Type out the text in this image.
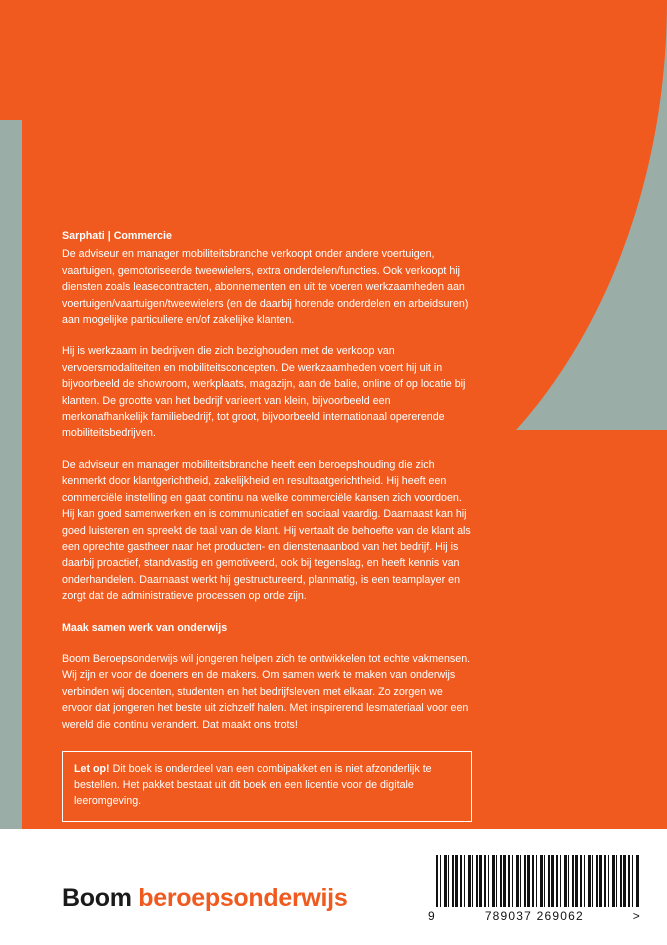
Sarphati | Commercie

De adviseur en manager mobiliteitsbranche verkoopt onder andere voertuigen, vaartuigen, gemotoriseerde tweewielers, extra onderdelen/functies. Ook verkoopt hij diensten zoals leasecontracten, abonnementen en uit te voeren werkzaamheden aan voertuigen/vaartuigen/tweewielers (en de daarbij horende onderdelen en arbeidsuren) aan mogelijke particuliere en/of zakelijke klanten.

Hij is werkzaam in bedrijven die zich bezighouden met de verkoop van vervoersmodaliteiten en mobiliteitsconcepten. De werkzaamheden voert hij uit in bijvoorbeeld de showroom, werkplaats, magazijn, aan de balie, online of op locatie bij klanten. De grootte van het bedrijf varieert van klein, bijvoorbeeld een merkonafhankelijk familiebedrijf, tot groot, bijvoorbeeld internationaal opererende mobiliteitsbedrijven.

De adviseur en manager mobiliteitsbranche heeft een beroepshouding die zich kenmerkt door klantgerichtheid, zakelijkheid en resultaatgerichtheid. Hij heeft een commerciële instelling en gaat continu na welke commerciële kansen zich voordoen. Hij kan goed samenwerken en is communicatief en sociaal vaardig. Daarnaast kan hij goed luisteren en spreekt de taal van de klant. Hij vertaalt de behoefte van de klant als een oprechte gastheer naar het producten- en dienstenaanbod van het bedrijf. Hij is daarbij proactief, standvastig en gemotiveerd, ook bij tegenslag, en heeft kennis van onderhandelen. Daarnaast werkt hij gestructureerd, planmatig, is een teamplayer en zorgt dat de administratieve processen op orde zijn.

Maak samen werk van onderwijs

Boom Beroepsonderwijs wil jongeren helpen zich te ontwikkelen tot echte vakmensen. Wij zijn er voor de doeners en de makers. Om samen werk te maken van onderwijs verbinden wij docenten, studenten en het bedrijfsleven met elkaar. Zo zorgen we ervoor dat jongeren het beste uit zichzelf halen. Met inspirerend lesmateriaal voor een wereld die continu verandert. Dat maakt ons trots!

Let op! Dit boek is onderdeel van een combipakket en is niet afzonderlijk te bestellen. Het pakket bestaat uit dit boek en een licentie voor de digitale leeromgeving.
Boom beroepsonderwijs
9	789037 269062	>
